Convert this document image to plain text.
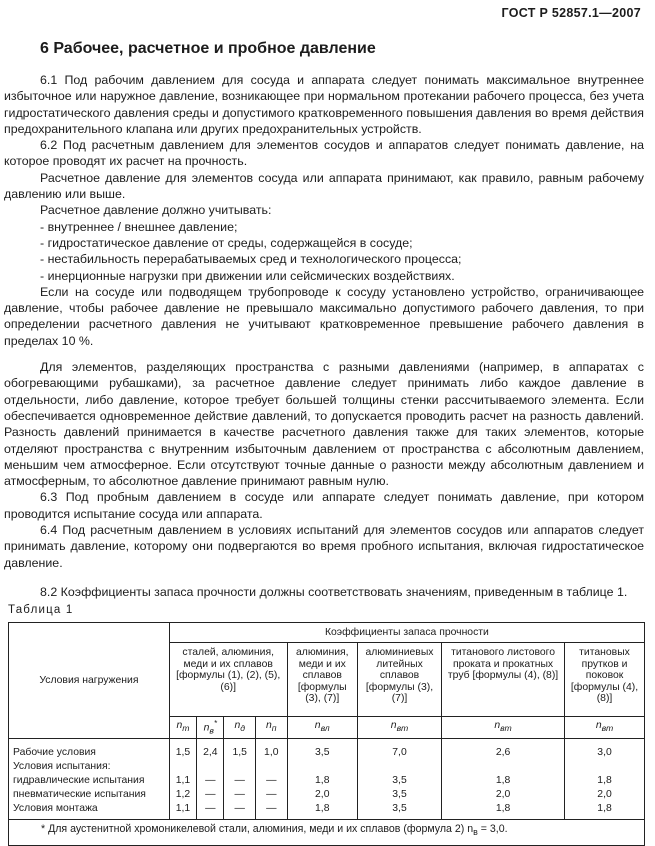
ГОСТ Р 52857.1—2007
6 Рабочее, расчетное и пробное давление

6.1 Под рабочим давлением для сосуда и аппарата следует понимать максимальное внутреннее избыточное или наружное давление, возникающее при нормальном протекании рабочего процесса, без учета гидростатического давления среды и допустимого кратковременного повышения давления во время действия предохранительного клапана или других предохранительных устройств.

6.2 Под расчетным давлением для элементов сосудов и аппаратов следует понимать давление, на которое проводят их расчет на прочность.

Расчетное давление для элементов сосуда или аппарата принимают, как правило, равным рабочему давлению или выше.

Расчетное давление должно учитывать:

- внутреннее / внешнее давление;

- гидростатическое давление от среды, содержащейся в сосуде;

- нестабильность перерабатываемых сред и технологического процесса;

- инерционные нагрузки при движении или сейсмических воздействиях.

Если на сосуде или подводящем трубопроводе к сосуду установлено устройство, ограничивающее давление, чтобы рабочее давление не превышало максимально допустимого рабочего давления, то при определении расчетного давления не учитывают кратковременное превышение рабочего давления в пределах 10 %.

Для элементов, разделяющих пространства с разными давлениями (например, в аппаратах с обогревающими рубашками), за расчетное давление следует принимать либо каждое давление в отдельности, либо давление, которое требует большей толщины стенки рассчитываемого элемента. Если обеспечивается одновременное действие давлений, то допускается проводить расчет на разность давлений. Разность давлений принимается в качестве расчетного давления также для таких элементов, которые отделяют пространства с внутренним избыточным давлением от пространства с абсолютным давлением, меньшим чем атмосферное. Если отсутствуют точные данные о разности между абсолютным давлением и атмосферным, то абсолютное давление принимают равным нулю.

6.3 Под пробным давлением в сосуде или аппарате следует понимать давление, при котором проводится испытание сосуда или аппарата.

6.4 Под расчетным давлением в условиях испытаний для элементов сосудов или аппаратов следует принимать давление, которому они подвергаются во время пробного испытания, включая гидростатическое давление.

8.2 Коэффициенты запаса прочности должны соответствовать значениям, приведенным в таблице 1.
Таблица 1
Условия нагружения	Коэффициенты запаса прочности							
	сталей, алюминия, меди и их сплавов [формулы (1), (2), (5), (6)]				алюминия, меди и их сплавов [формулы (3), (7)]	алюминиевых литейных сплавов [формулы (3), (7)]	титанового листового проката и прокатных труб [формулы (4), (8)]	титановых прутков и поковок [формулы (4),(8)]
	$n_т$	$n_в^*$	$n_д$	$n_п$	$n_{вл}$	$n_{вт}$	$n_{вт}$	$n_{вт}$
Рабочие условия	1,5	2,4	1,5	1,0	3,5	7,0	2,6	3,0
Условия испытания:								
гидравлические испытания	1,1	—	—	—	1,8	3,5	1,8	1,8
пневматические испытания	1,2	—	—	—	2,0	3,5	2,0	2,0
Условия монтажа	1,1	—	—	—	1,8	3,5	1,8	1,8
* Для аустенитной хромоникелевой стали, алюминия, меди и их сплавов (формула 2) $n_в = 3,0$.								
